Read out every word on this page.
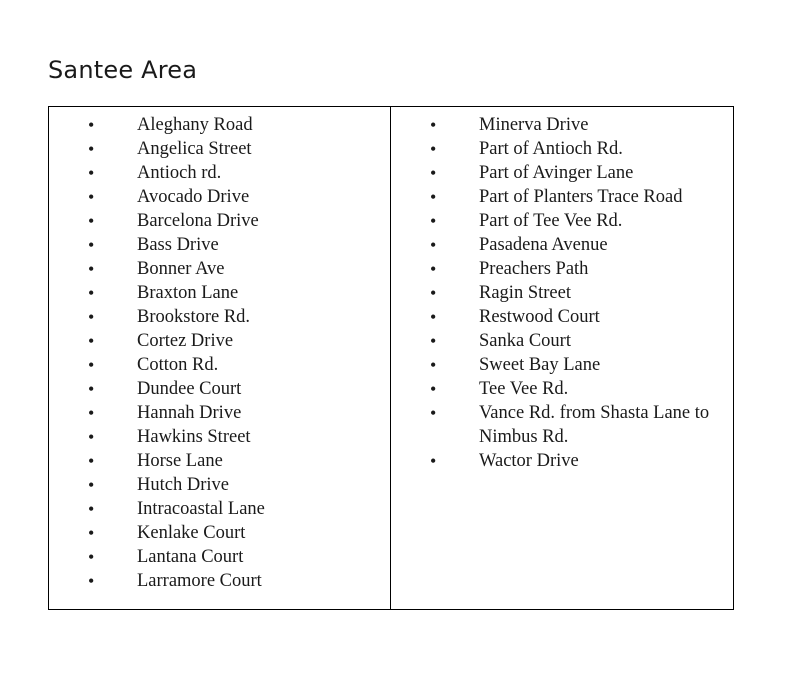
Santee Area
• Aleghany Road
• Angelica Street
• Antioch rd.
• Avocado Drive
• Barcelona Drive
• Bass Drive
• Bonner Ave
• Braxton Lane
• Brookstore Rd.
• Cortez Drive
• Cotton Rd.
• Dundee Court
• Hannah Drive
• Hawkins Street
• Horse Lane
• Hutch Drive
• Intracoastal Lane
• Kenlake Court
• Lantana Court
• Larramore Court
• Minerva Drive
• Part of Antioch Rd.
• Part of Avinger Lane
• Part of Planters Trace Road
• Part of Tee Vee Rd.
• Pasadena Avenue
• Preachers Path
• Ragin Street
• Restwood Court
• Sanka Court
• Sweet Bay Lane
• Tee Vee Rd.
• Vance Rd. from Shasta Lane to Nimbus Rd.
• Wactor Drive
